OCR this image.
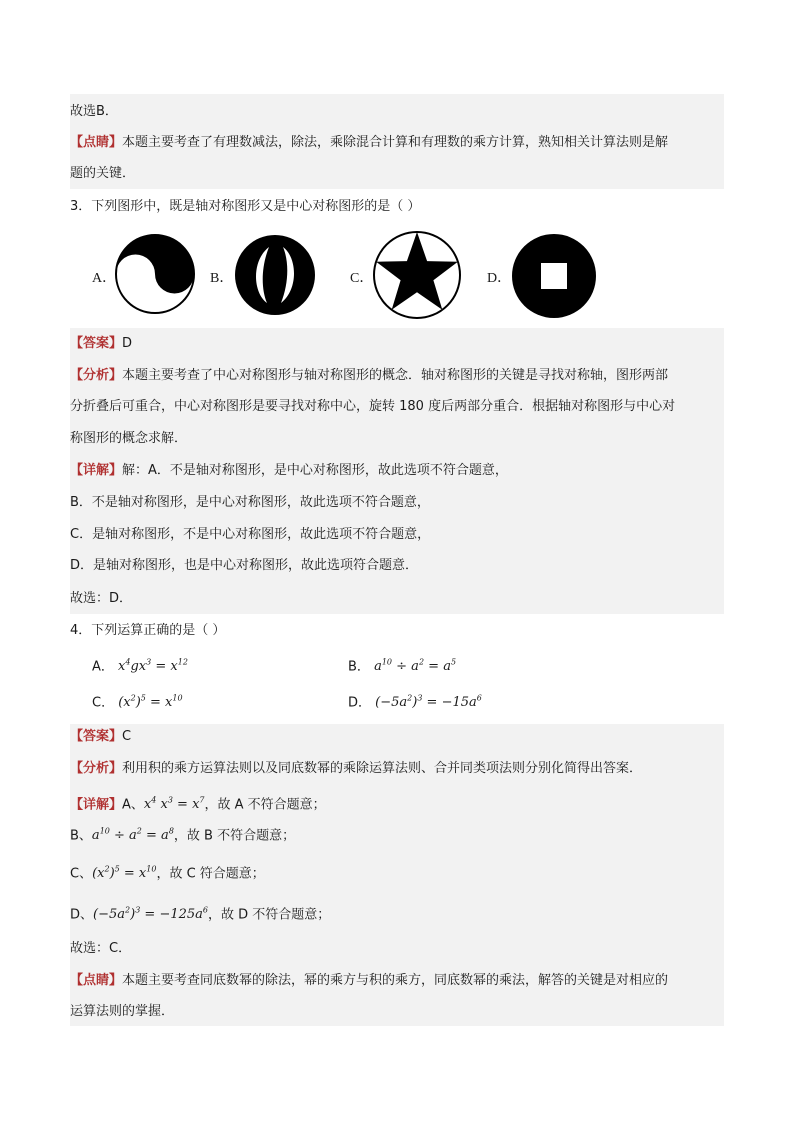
故选B．
【点睛】本题主要考查了有理数减法，除法，乘除混合计算和有理数的乘方计算，熟知相关计算法则是解
题的关键．
3．下列图形中，既是轴对称图形又是中心对称图形的是（ ）
A．	B．	C．	D．
【答案】D
【分析】本题主要考查了中心对称图形与轴对称图形的概念．轴对称图形的关键是寻找对称轴，图形两部
分折叠后可重合，中心对称图形是要寻找对称中心，旋转 180 度后两部分重合．根据轴对称图形与中心对
称图形的概念求解．
【详解】解：A．不是轴对称图形，是中心对称图形，故此选项不符合题意，
B．不是轴对称图形，是中心对称图形，故此选项不符合题意，
C．是轴对称图形，不是中心对称图形，故此选项不符合题意，
D．是轴对称图形，也是中心对称图形，故此选项符合题意．
故选：D．
4．下列运算正确的是（ ）
A． $x^4gx^3 = x^{12}$	B． $a^{10} \div a^2 = a^5$
C． $(x^2)^5 = x^{10}$	D． $(-5a^2)^3 = -15a^6$
【答案】C
【分析】利用积的乘方运算法则以及同底数幂的乘除运算法则、合并同类项法则分别化简得出答案．
【详解】A、$x^4$ $x^3 = x^7$，故 A 不符合题意；
B、$a^{10} \div a^2 = a^8$，故 B 不符合题意；
C、$(x^2)^5 = x^{10}$，故 C 符合题意；
D、$(-5a^2)^3 = -125a^6$，故 D 不符合题意；
故选：C．
【点睛】本题主要考查同底数幂的除法，幂的乘方与积的乘方，同底数幂的乘法，解答的关键是对相应的
运算法则的掌握．
